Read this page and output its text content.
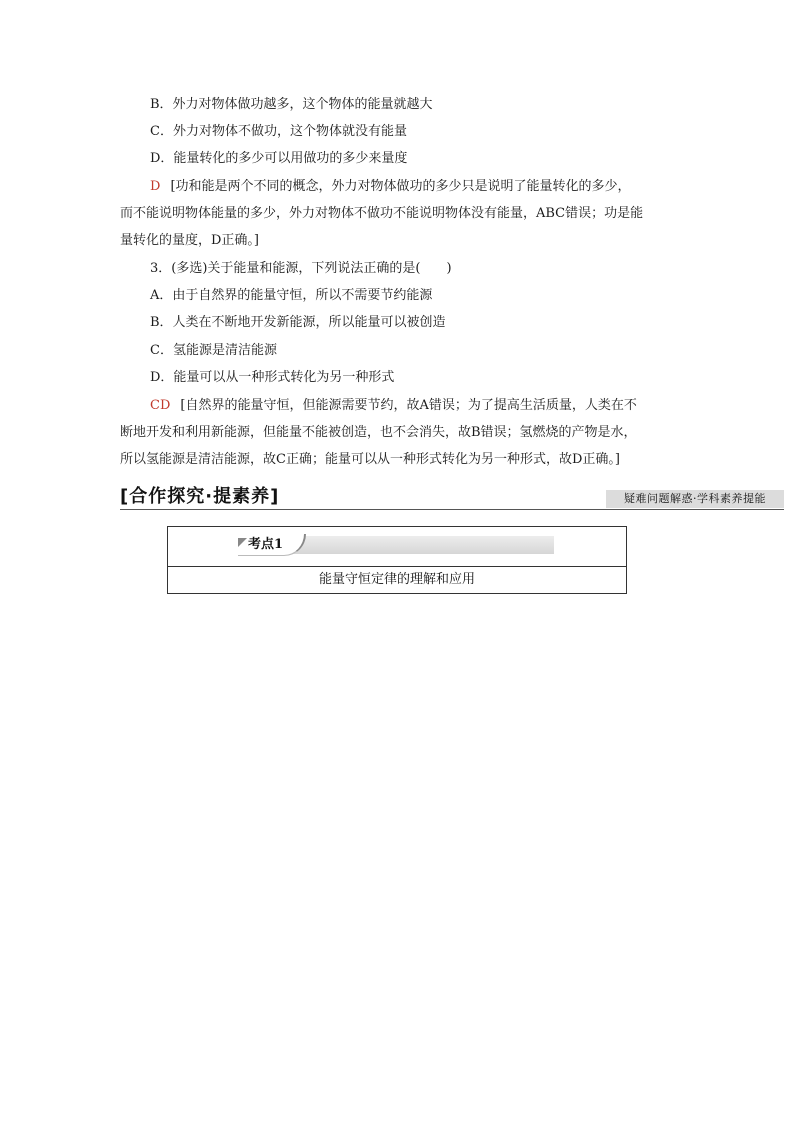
B．外力对物体做功越多，这个物体的能量就越大
C．外力对物体不做功，这个物体就没有能量
D．能量转化的多少可以用做功的多少来量度
D [功和能是两个不同的概念，外力对物体做功的多少只是说明了能量转化的多少，
而不能说明物体能量的多少，外力对物体不做功不能说明物体没有能量，ABC错误；功是能
量转化的量度，D正确。]
3．(多选)关于能量和能源，下列说法正确的是(　　)
A．由于自然界的能量守恒，所以不需要节约能源
B．人类在不断地开发新能源，所以能量可以被创造
C．氢能源是清洁能源
D．能量可以从一种形式转化为另一种形式
CD [自然界的能量守恒，但能源需要节约，故A错误；为了提高生活质量，人类在不
断地开发和利用新能源，但能量不能被创造，也不会消失，故B错误；氢燃烧的产物是水，
所以氢能源是清洁能源，故C正确；能量可以从一种形式转化为另一种形式，故D正确。]
[合作探究·提素养]	疑难问题解惑·学科素养提能
考点1
能量守恒定律的理解和应用
